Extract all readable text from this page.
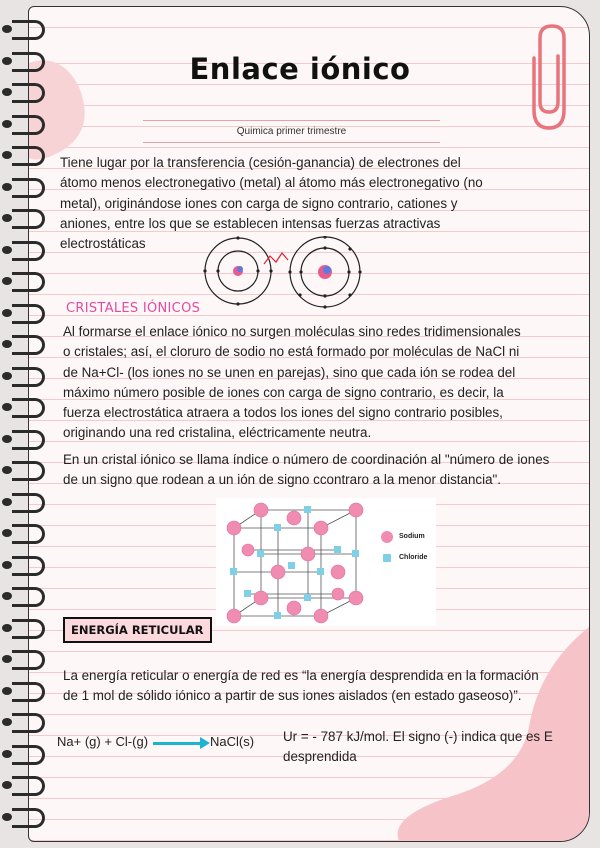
Enlace iónico
Quimica primer trimestre
Tiene lugar por la transferencia (cesión-ganancia) de electrones del
átomo menos electronegativo (metal) al átomo más electronegativo (no
metal), originándose iones con carga de signo contrario, cationes y
aniones, entre los que se establecen intensas fuerzas atractivas
electrostáticas
CRISTALES IÓNICOS
Al formarse el enlace iónico no surgen moléculas sino redes tridimensionales
o cristales; así, el cloruro de sodio no está formado por moléculas de NaCl ni
de Na+Cl- (los iones no se unen en parejas), sino que cada ión se rodea del
máximo número posible de iones con carga de signo contrario, es decir, la
fuerza electrostática atraera a todos los iones del signo contrario posibles,
originando una red cristalina, eléctricamente neutra.
En un cristal iónico se llama índice o número de coordinación al "número de iones
de un signo que rodean a un ión de signo ccontraro a la menor distancia".
Sodium
Chloride
ENERGÍA RETICULAR
La energía reticular o energía de red es “la energía desprendida en la formación
de 1 mol de sólido iónico a partir de sus iones aislados (en estado gaseoso)”.
Na+ (g) + Cl-(g)	NaCl(s) Ur = - 787 kJ/mol. El signo (-) indica que es E
desprendida
